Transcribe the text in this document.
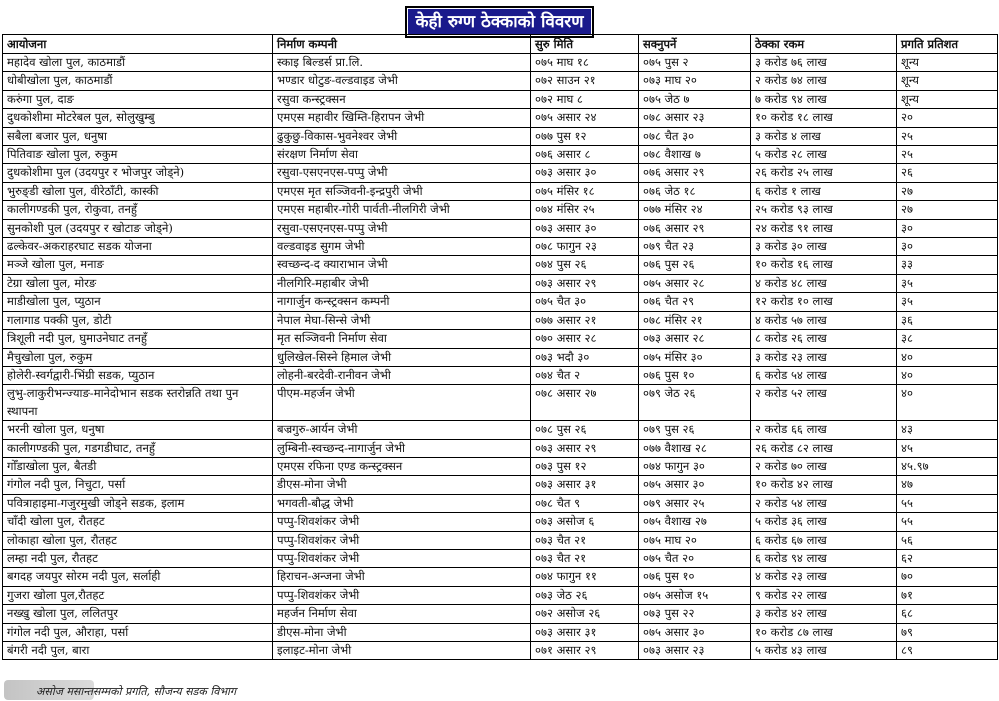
केही रुग्ण ठेक्काको विवरण
आयोजना	निर्माण कम्पनी	सुरु मिति	सक्नुपर्ने	ठेक्का रकम	प्रगति प्रतिशत
महादेव खोला पुल, काठमाडौं	स्काइ बिल्डर्स प्रा.लि.	०७५ माघ १८	०७५ पुस २	३ करोड ७६ लाख	शून्य
धोबीखोला पुल, काठमाडौं	भण्डार धोटुङ-वल्डवाइड जेभी	०७२ साउन २१	०७३ माघ २०	२ करोड ७४ लाख	शून्य
करुंगा पुल, दाङ	रसुवा कन्स्ट्रक्सन	०७२ माघ ८	०७५ जेठ ७	७ करोड ९४ लाख	शून्य
दुधकोशीमा मोटरेबल पुल, सोलुखुम्बु	एमएस महावीर खिम्ति-हिरापन जेभी	०७५ असार २४	०७८ असार २३	१० करोड १८ लाख	२०
सबैला बजार पुल, धनुषा	ढुकुछु-विकास-भुवनेश्वर जेभी	०७७ पुस १२	०७८ चैत ३०	३ करोड ४ लाख	२५
पितिवाङ खोला पुल, रुकुम	संरक्षण निर्माण सेवा	०७६ असार ८	०७८ वैशाख ७	५ करोड २८ लाख	२५
दुधकोशीमा पुल (उदयपुर र भोजपुर जोड्ने)	रसुवा-एसएनएस-पप्पु जेभी	०७३ असार ३०	०७६ असार २९	२६ करोड २५ लाख	२६
भुरुङ्डी खोला पुल, वीरेठाँटी, कास्की	एमएस मृत सञ्जिवनी-इन्द्रपुरी जेभी	०७५ मंसिर १८	०७६ जेठ १८	६ करोड १ लाख	२७
कालीगण्डकी पुल, रोकुवा, तनहुँ	एमएस महाबीर-गोरी पार्वती-नीलगिरी जेभी	०७४ मंसिर २५	०७७ मंसिर २४	२५ करोड ९३ लाख	२७
सुनकोशी पुल (उदयपुर र खोटाङ जोड्ने)	रसुवा-एसएनएस-पप्पु जेभी	०७३ असार ३०	०७६ असार २९	२४ करोड ९१ लाख	३०
ढल्केवर-अकराहरघाट सडक योजना	वल्डवाइड सुगम जेभी	०७८ फागुन २३	०७९ चैत २३	३ करोड ३० लाख	३०
मञ्जे खोला पुल, मनाङ	स्वच्छन्द-द क्याराभान जेभी	०७४ पुस २६	०७६ पुस २६	१० करोड १६ लाख	३३
टेग्रा खोला पुल, मोरङ	नीलगिरि-महाबीर जेभी	०७३ असार २९	०७५ असार २८	४ करोड ४८ लाख	३५
माडीखोला पुल, प्युठान	नागार्जुन कन्स्ट्रक्सन कम्पनी	०७५ चैत ३०	०७६ चैत २९	१२ करोड १० लाख	३५
गलागाड पक्की पुल, डोटी	नेपाल मेघा-सिन्से जेभी	०७७ असार २१	०७८ मंसिर २१	४ करोड ५७ लाख	३६
त्रिशूली नदी पुल, घुमाउनेघाट तनहुँ	मृत सञ्जिवनी निर्माण सेवा	०७० असार २८	०७३ असार २८	८ करोड २६ लाख	३८
मैचुखोला पुल, रुकुम	धुलिखेल-सिस्ने हिमाल जेभी	०७३ भदौ ३०	०७५ मंसिर ३०	३ करोड २३ लाख	४०
होलेरी-स्वर्गद्वारी-भिंग्री सडक, प्युठान	लोहनी-बरदेवी-रानीवन जेभी	०७४ चैत २	०७६ पुस १०	६ करोड ५४ लाख	४०
लुभु-लाकुरीभन्ज्याङ-मानेदोभान सडक स्तरोन्नति तथा पुन स्थापना	पीएम-महर्जन जेभी	०७८ असार २७	०७९ जेठ २६	२ करोड ५२ लाख	४०
भरनी खोला पुल, धनुषा	बज्रगुरु-आर्यन जेभी	०७८ पुस २६	०७९ पुस २६	२ करोड ६६ लाख	४३
कालीगण्डकी पुल, गडगडीघाट, तनहुँ	लुम्बिनी-स्वच्छन्द-नागार्जुन जेभी	०७३ असार २९	०७७ वैशाख २८	२६ करोड ८२ लाख	४५
गोँडाखोला पुल, बैतडी	एमएस रफिना एण्ड कन्स्ट्रक्सन	०७३ पुस १२	०७४ फागुन ३०	२ करोड ७० लाख	४५.९७
गंगोल नदी पुल, निचुटा, पर्सा	डीएस-मोना जेभी	०७३ असार ३१	०७५ असार ३०	१० करोड ४२ लाख	४७
पवित्राहाइमा-गजुरमुखी जोड्ने सडक, इलाम	भगवती-बौद्ध जेभी	०७८ चैत ९	०७९ असार २५	२ करोड ५४ लाख	५५
चाँदी खोला पुल, रौतहट	पप्पु-शिवशंकर जेभी	०७३ असोज ६	०७५ वैशाख २७	५ करोड ३६ लाख	५५
लोकाहा खोला पुल, रौतहट	पप्पु-शिवशंकर जेभी	०७३ चैत २१	०७५ माघ २०	६ करोड ६७ लाख	५६
लम्हा नदी पुल, रौतहट	पप्पु-शिवशंकर जेभी	०७३ चैत २१	०७५ चैत २०	६ करोड ९४ लाख	६२
बगदह जयपुर सोरम नदी पुल, सर्लाही	हिराचन-अन्जना जेभी	०७४ फागुन ११	०७६ पुस १०	४ करोड २३ लाख	७०
गुजरा खोला पुल,रौतहट	पप्पु-शिवशंकर जेभी	०७३ जेठ २६	०७५ असोज १५	९ करोड २२ लाख	७१
नख्खु खोला पुल, ललितपुर	महर्जन निर्माण सेवा	०७२ असोज २६	०७३ पुस २२	३ करोड ४२ लाख	६८
गंगोल नदी पुल, औराहा, पर्सा	डीएस-मोना जेभी	०७३ असार ३१	०७५ असार ३०	१० करोड ८७ लाख	७९
बंगरी नदी पुल, बारा	इलाइट-मोना जेभी	०७१ असार २९	०७३ असार २३	५ करोड ४३ लाख	८९
असोज मसान्तसम्मको प्रगति, सौजन्य सडक विभाग
